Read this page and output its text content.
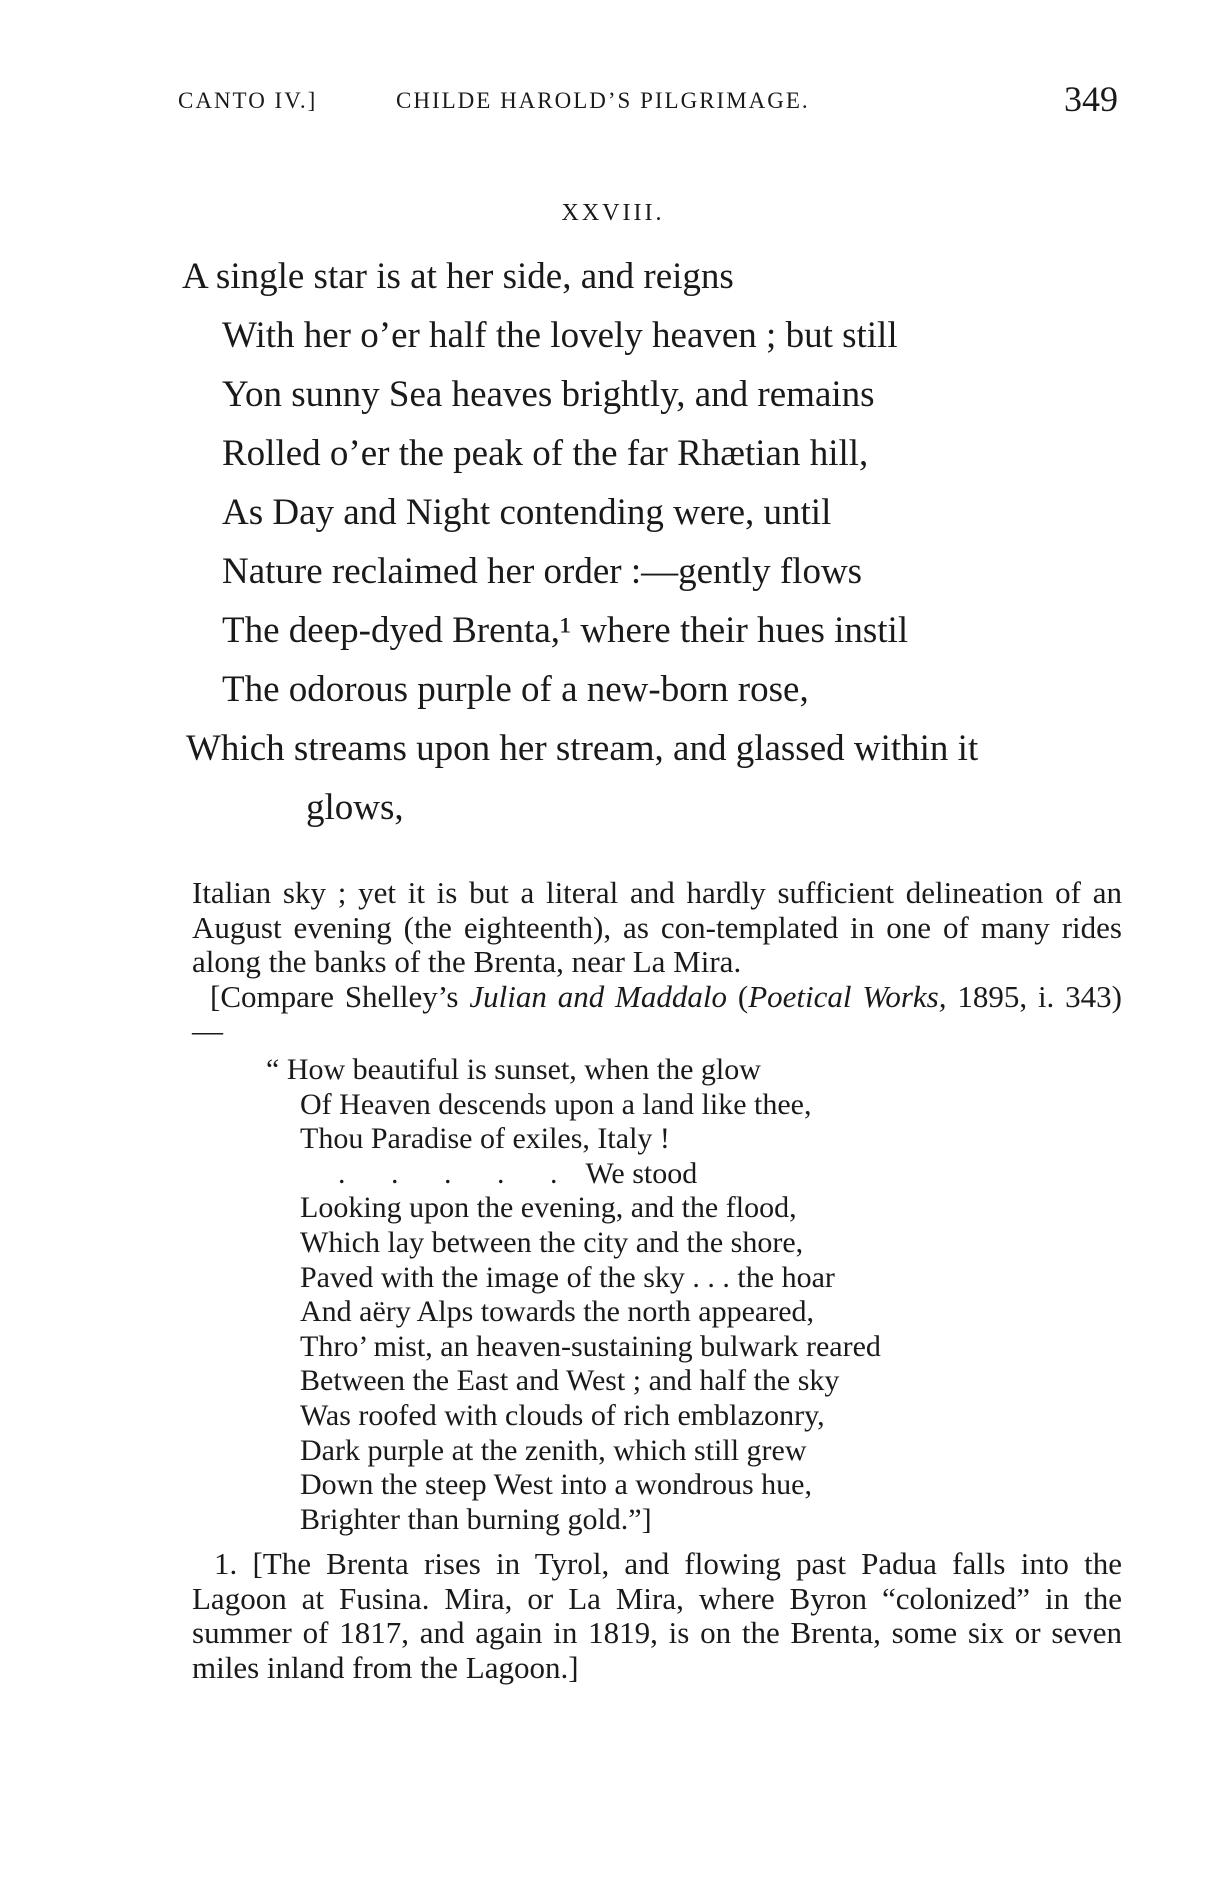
CANTO IV.]	CHILDE HAROLD’S PILGRIMAGE.	349
XXVIII.
A single star is at her side, and reigns
With her o’er half the lovely heaven ; but still
Yon sunny Sea heaves brightly, and remains
Rolled o’er the peak of the far Rhætian hill,
As Day and Night contending were, until
Nature reclaimed her order :—gently flows
The deep-dyed Brenta,¹ where their hues instil
The odorous purple of a new-born rose,
Which streams upon her stream, and glassed within it
glows,

Italian sky ; yet it is but a literal and hardly sufficient delineation of an August evening (the eighteenth), as con-templated in one of many rides along the banks of the Brenta, near La Mira.

[Compare Shelley’s Julian and Maddalo (Poetical Works, 1895, i. 343)—

“ How beautiful is sunset, when the glow
Of Heaven descends upon a land like thee,
Thou Paradise of exiles, Italy !
. . . . . We stood
Looking upon the evening, and the flood,
Which lay between the city and the shore,
Paved with the image of the sky . . . the hoar
And aëry Alps towards the north appeared,
Thro’ mist, an heaven-sustaining bulwark reared
Between the East and West ; and half the sky
Was roofed with clouds of rich emblazonry,
Dark purple at the zenith, which still grew
Down the steep West into a wondrous hue,
Brighter than burning gold.”]

1. [The Brenta rises in Tyrol, and flowing past Padua falls into the Lagoon at Fusina. Mira, or La Mira, where Byron “colonized” in the summer of 1817, and again in 1819, is on the Brenta, some six or seven miles inland from the Lagoon.]
